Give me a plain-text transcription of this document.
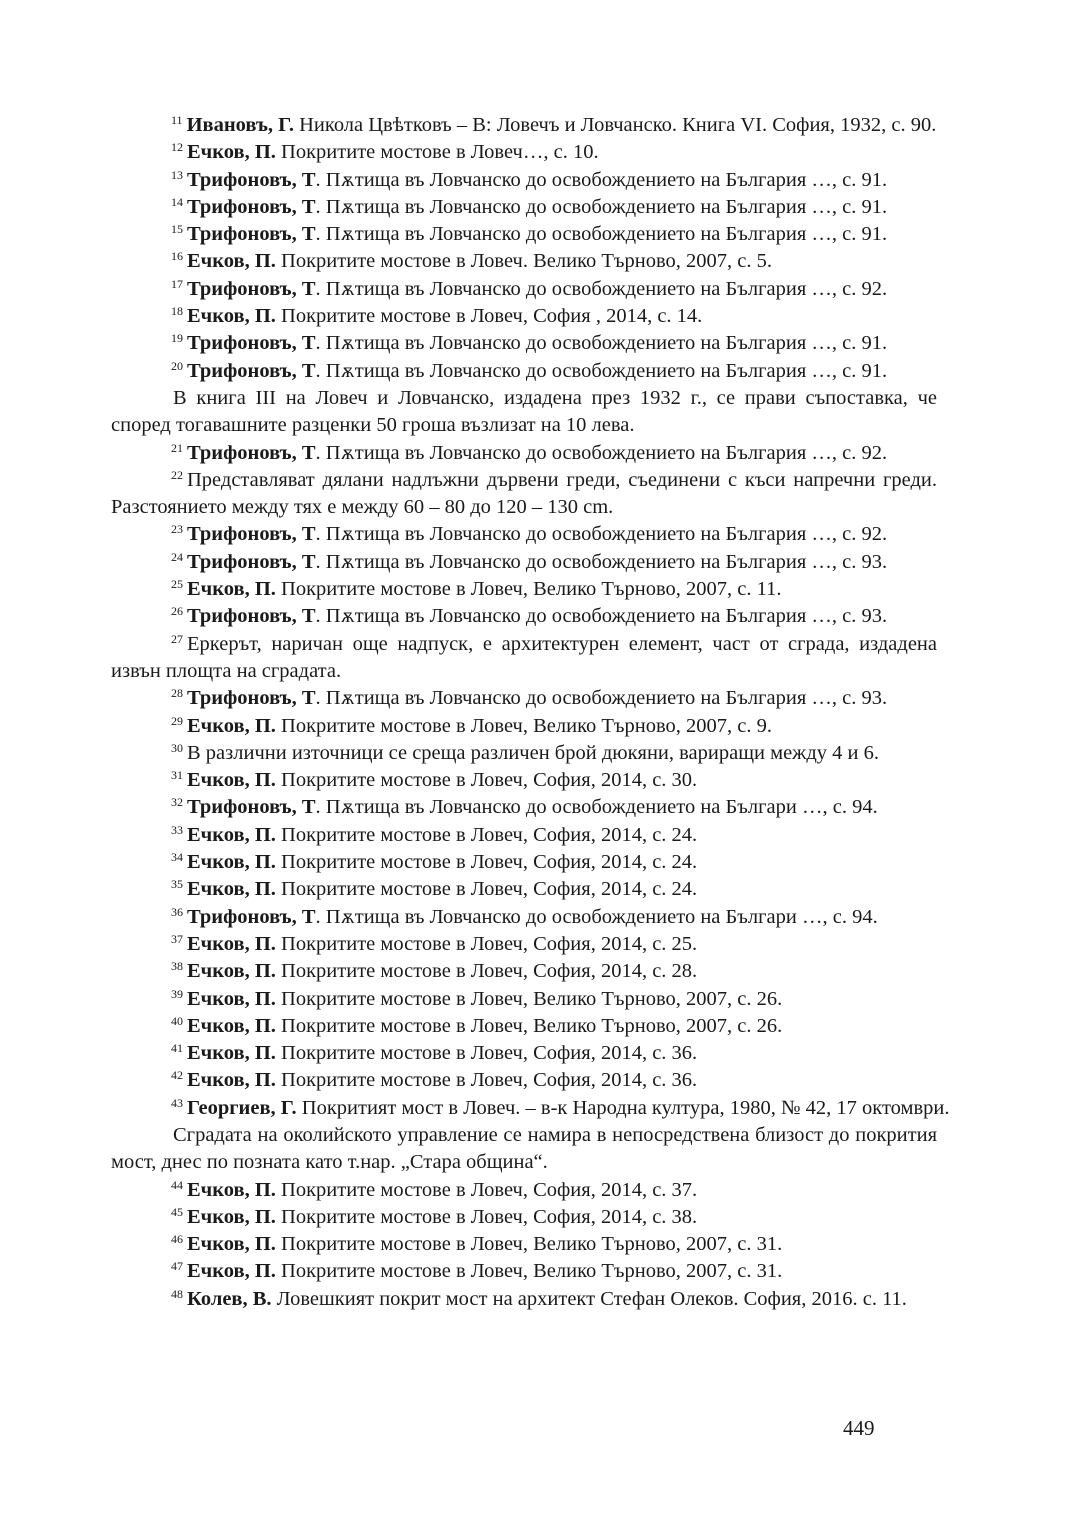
$^{11}$ Ивановъ, Г. Никола Цвѣтковъ – В: Ловечъ и Ловчанско. Книга VI. София, 1932, с. 90.

$^{12}$ Ечков, П. Покритите мостове в Ловеч…, с. 10.

$^{13}$ Трифоновъ, Т. Пѫтища въ Ловчанско до освобождението на България …, с. 91.

$^{14}$ Трифоновъ, Т. Пѫтища въ Ловчанско до освобождението на България …, с. 91.

$^{15}$ Трифоновъ, Т. Пѫтища въ Ловчанско до освобождението на България …, с. 91.

$^{16}$ Ечков, П. Покритите мостове в Ловеч. Велико Търново, 2007, с. 5.

$^{17}$ Трифоновъ, Т. Пѫтища въ Ловчанско до освобождението на България …, с. 92.

$^{18}$ Ечков, П. Покритите мостове в Ловеч, София , 2014, с. 14.

$^{19}$ Трифоновъ, Т. Пѫтища въ Ловчанско до освобождението на България …, с. 91.

$^{20}$ Трифоновъ, Т. Пѫтища въ Ловчанско до освобождението на България …, с. 91.

В книга III на Ловеч и Ловчанско, издадена през 1932 г., се прави съпоставка, че според тогавашните разценки 50 гроша възлизат на 10 лева.

$^{21}$ Трифоновъ, Т. Пѫтища въ Ловчанско до освобождението на България …, с. 92.

$^{22}$ Представляват дялани надлъжни дървени греди, съединени с къси напречни греди. Разстоянието между тях е между 60 – 80 до 120 – 130 cm.

$^{23}$ Трифоновъ, Т. Пѫтища въ Ловчанско до освобождението на България …, с. 92.

$^{24}$ Трифоновъ, Т. Пѫтища въ Ловчанско до освобождението на България …, с. 93.

$^{25}$ Ечков, П. Покритите мостове в Ловеч, Велико Търново, 2007, с. 11.

$^{26}$ Трифоновъ, Т. Пѫтища въ Ловчанско до освобождението на България …, с. 93.

$^{27}$ Еркерът, наричан още надпуск, е архитектурен елемент, част от сграда, издадена извън площта на сградата.

$^{28}$ Трифоновъ, Т. Пѫтища въ Ловчанско до освобождението на България …, с. 93.

$^{29}$ Ечков, П. Покритите мостове в Ловеч, Велико Търново, 2007, с. 9.

$^{30}$ В различни източници се среща различен брой дюкяни, вариращи между 4 и 6.

$^{31}$ Ечков, П. Покритите мостове в Ловеч, София, 2014, с. 30.

$^{32}$ Трифоновъ, Т. Пѫтища въ Ловчанско до освобождението на Българи …, с. 94.

$^{33}$ Ечков, П. Покритите мостове в Ловеч, София, 2014, с. 24.

$^{34}$ Ечков, П. Покритите мостове в Ловеч, София, 2014, с. 24.

$^{35}$ Ечков, П. Покритите мостове в Ловеч, София, 2014, с. 24.

$^{36}$ Трифоновъ, Т. Пѫтища въ Ловчанско до освобождението на Българи …, с. 94.

$^{37}$ Ечков, П. Покритите мостове в Ловеч, София, 2014, с. 25.

$^{38}$ Ечков, П. Покритите мостове в Ловеч, София, 2014, с. 28.

$^{39}$ Ечков, П. Покритите мостове в Ловеч, Велико Търново, 2007, с. 26.

$^{40}$ Ечков, П. Покритите мостове в Ловеч, Велико Търново, 2007, с. 26.

$^{41}$ Ечков, П. Покритите мостове в Ловеч, София, 2014, с. 36.

$^{42}$ Ечков, П. Покритите мостове в Ловеч, София, 2014, с. 36.

$^{43}$ Георгиев, Г. Покритият мост в Ловеч. – в-к Народна култура, 1980, № 42, 17 октомври.

Сградата на околийското управление се намира в непосредствена близост до покрития мост, днес по позната като т.нар. „Стара община“.

$^{44}$ Ечков, П. Покритите мостове в Ловеч, София, 2014, с. 37.

$^{45}$ Ечков, П. Покритите мостове в Ловеч, София, 2014, с. 38.

$^{46}$ Ечков, П. Покритите мостове в Ловеч, Велико Търново, 2007, с. 31.

$^{47}$ Ечков, П. Покритите мостове в Ловеч, Велико Търново, 2007, с. 31.

$^{48}$ Колев, В. Ловешкият покрит мост на архитект Стефан Олеков. София, 2016. с. 11.

449
